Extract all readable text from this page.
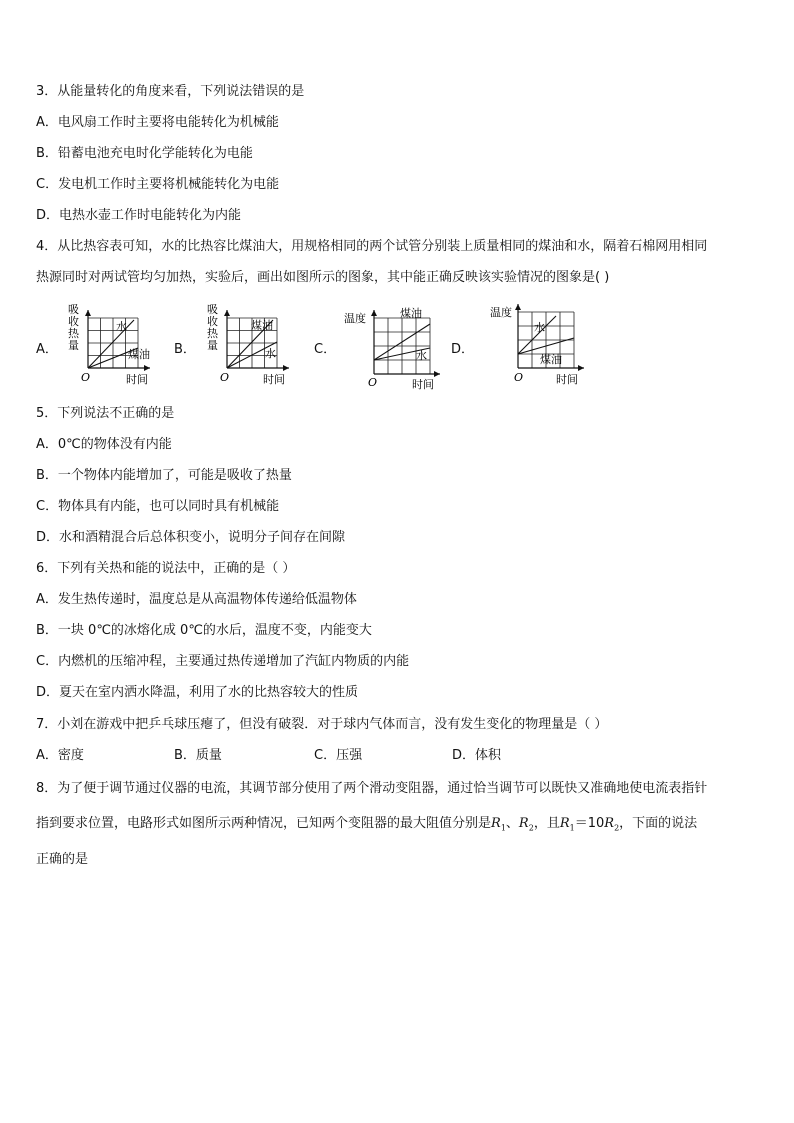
3．从能量转化的角度来看，下列说法错误的是
A．电风扇工作时主要将电能转化为机械能
B．铅蓄电池充电时化学能转化为电能
C．发电机工作时主要将机械能转化为电能
D．电热水壶工作时电能转化为内能
4．从比热容表可知，水的比热容比煤油大，用规格相同的两个试管分别装上质量相同的煤油和水，隔着石棉网用相同
热源同时对两试管均匀加热，实验后，画出如图所示的图象，其中能正确反映该实验情况的图象是( )
A．	B．	C．	D．
吸
收
热
量
水
煤油
O	时间
吸
收
热
量
煤油
水
O	时间
温度	煤油
水
O	时间
温度
水
煤油
O	时间
5．下列说法不正确的是
A．0℃的物体没有内能
B．一个物体内能增加了，可能是吸收了热量
C．物体具有内能，也可以同时具有机械能
D．水和酒精混合后总体积变小，说明分子间存在间隙
6．下列有关热和能的说法中，正确的是（ ）
A．发生热传递时，温度总是从高温物体传递给低温物体
B．一块 0℃的冰熔化成 0℃的水后，温度不变，内能变大
C．内燃机的压缩冲程，主要通过热传递增加了汽缸内物质的内能
D．夏天在室内洒水降温，利用了水的比热容较大的性质
7．小刘在游戏中把乒乓球压瘪了，但没有破裂．对于球内气体而言，没有发生变化的物理量是（ ）
A．密度	B．质量	C．压强	D．体积
8．为了便于调节通过仪器的电流，其调节部分使用了两个滑动变阻器，通过恰当调节可以既快又准确地使电流表指针
指到要求位置，电路形式如图所示两种情况，已知两个变阻器的最大阻值分别是$R_1$、$R_2$，且$R_1=10R_2$，下面的说法
正确的是
